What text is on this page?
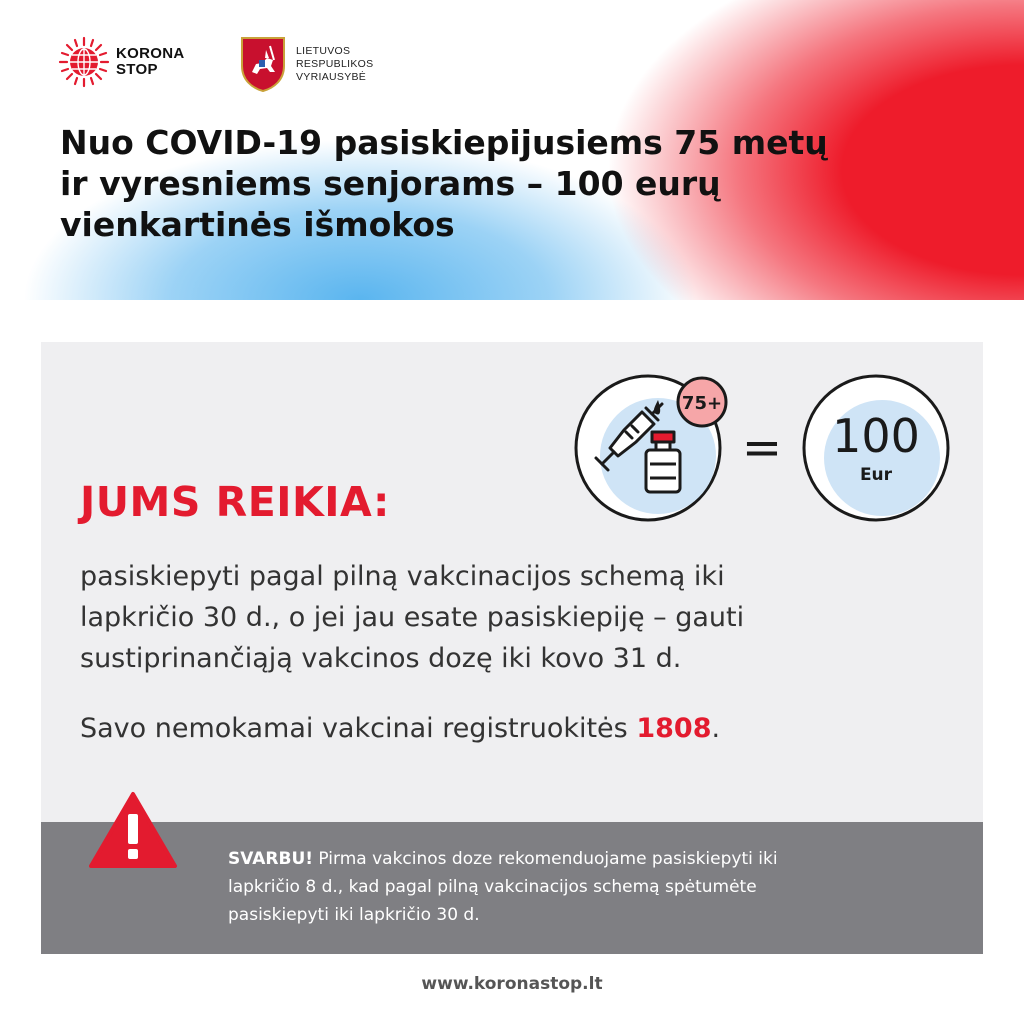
KORONA
STOP
LIETUVOS
RESPUBLIKOS
VYRIAUSYBĖ
Nuo COVID-19 pasiskiepijusiems 75 metų
ir vyresniems senjorams – 100 eurų
vienkartinės išmokos
75+
= 100
Eur
JUMS REIKIA:
pasiskiepyti pagal pilną vakcinacijos schemą iki
lapkričio 30 d., o jei jau esate pasiskiepiję – gauti
sustiprinančiąją vakcinos dozę iki kovo 31 d.
Savo nemokamai vakcinai registruokitės 1808.
SVARBU! Pirma vakcinos doze rekomenduojame pasiskiepyti iki
lapkričio 8 d., kad pagal pilną vakcinacijos schemą spėtumėte
pasiskiepyti iki lapkričio 30 d.
www.koronastop.lt
